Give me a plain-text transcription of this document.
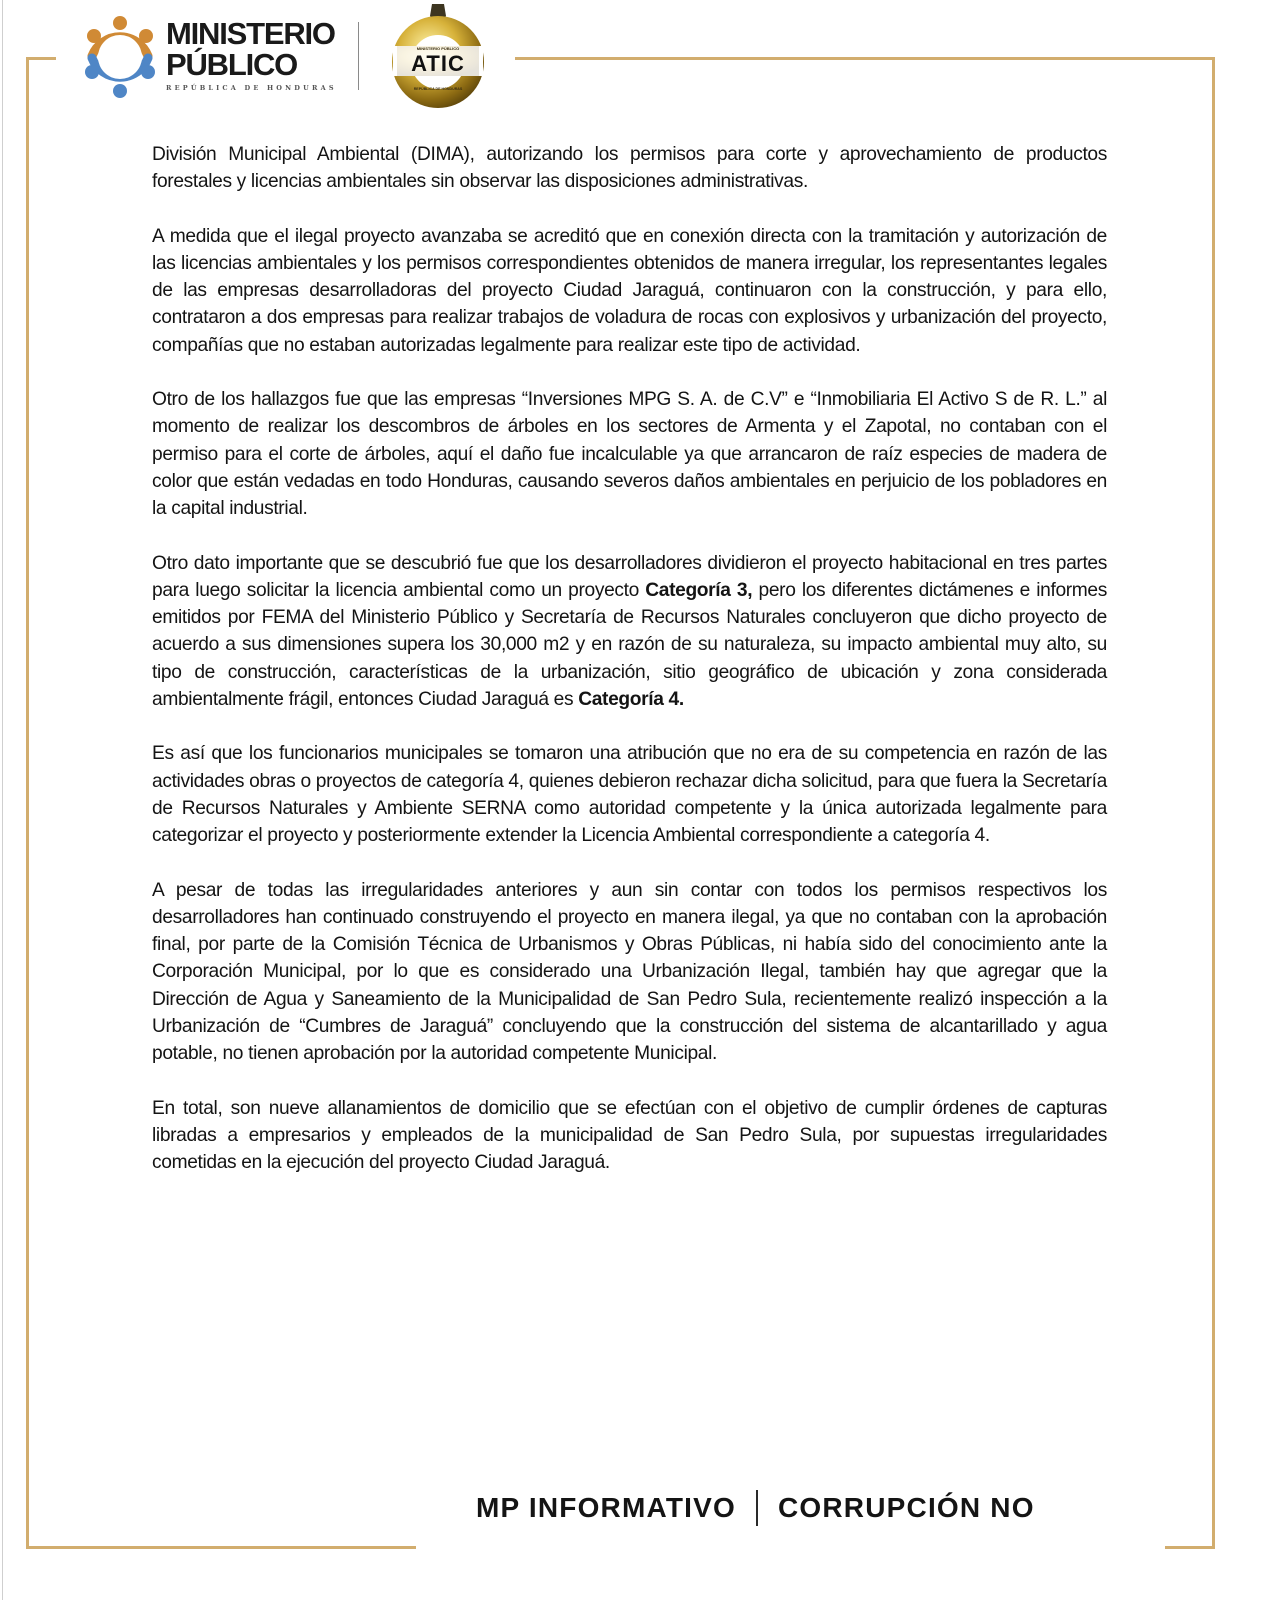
MINISTERIO
PÚBLICO
REPÚBLICA DE HONDURAS
MINISTERIO PÚBLICO
ATIC
REPÚBLICA DE HONDURAS

División Municipal Ambiental (DIMA), autorizando los permisos para corte y aprovechamiento de productos forestales y licencias ambientales sin observar las disposiciones administrativas.

A medida que el ilegal proyecto avanzaba se acreditó que en conexión directa con la tramitación y autorización de las licencias ambientales y los permisos correspondientes obtenidos de manera irregular, los representantes legales de las empresas desarrolladoras del proyecto Ciudad Jaraguá, continuaron con la construcción, y para ello, contrataron a dos empresas para realizar trabajos de voladura de rocas con explosivos y urbanización del proyecto, compañías que no estaban autorizadas legalmente para realizar este tipo de actividad.

Otro de los hallazgos fue que las empresas “Inversiones MPG S. A. de C.V” e “Inmobiliaria El Activo S de R. L.” al momento de realizar los descombros de árboles en los sectores de Armenta y el Zapotal, no contaban con el permiso para el corte de árboles, aquí el daño fue incalculable ya que arrancaron de raíz especies de madera de color que están vedadas en todo Honduras, causando severos daños ambientales en perjuicio de los pobladores en la capital industrial.

Otro dato importante que se descubrió fue que los desarrolladores dividieron el proyecto habitacional en tres partes para luego solicitar la licencia ambiental como un proyecto Categoría 3, pero los diferentes dictámenes e informes emitidos por FEMA del Ministerio Público y Secretaría de Recursos Naturales concluyeron que dicho proyecto de acuerdo a sus dimensiones supera los 30,000 m2 y en razón de su naturaleza, su impacto ambiental muy alto, su tipo de construcción, características de la urbanización, sitio geográfico de ubicación y zona considerada ambientalmente frágil, entonces Ciudad Jaraguá es Categoría 4.

Es así que los funcionarios municipales se tomaron una atribución que no era de su competencia en razón de las actividades obras o proyectos de categoría 4, quienes debieron rechazar dicha solicitud, para que fuera la Secretaría de Recursos Naturales y Ambiente SERNA como autoridad competente y la única autorizada legalmente para categorizar el proyecto y posteriormente extender la Licencia Ambiental correspondiente a categoría 4.

A pesar de todas las irregularidades anteriores y aun sin contar con todos los permisos respectivos los desarrolladores han continuado construyendo el proyecto en manera ilegal, ya que no contaban con la aprobación final, por parte de la Comisión Técnica de Urbanismos y Obras Públicas, ni había sido del conocimiento ante la Corporación Municipal, por lo que es considerado una Urbanización Ilegal, también hay que agregar que la Dirección de Agua y Saneamiento de la Municipalidad de San Pedro Sula, recientemente realizó inspección a la Urbanización de “Cumbres de Jaraguá” concluyendo que la construcción del sistema de alcantarillado y agua potable, no tienen aprobación por la autoridad competente Municipal.

En total, son nueve allanamientos de domicilio que se efectúan con el objetivo de cumplir órdenes de capturas libradas a empresarios y empleados de la municipalidad de San Pedro Sula, por supuestas irregularidades cometidas en la ejecución del proyecto Ciudad Jaraguá.

MP INFORMATIVO CORRUPCIÓN NO
